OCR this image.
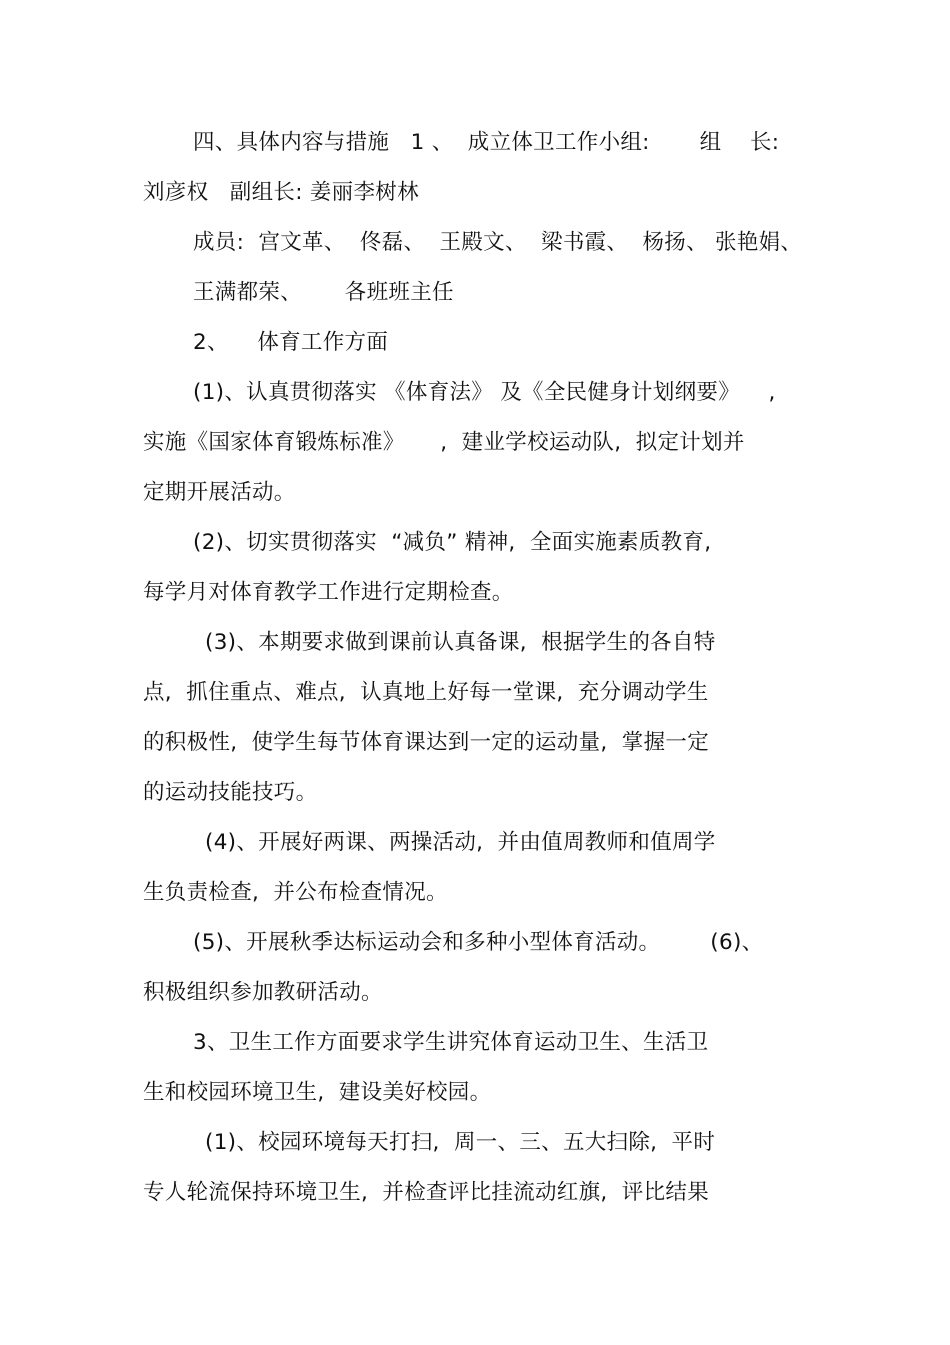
四、具体内容与措施   1 、  成立体卫工作小组:       组    长:
刘彦权   副组长: 姜丽李树林
成员:  宫文革、  佟磊、  王殿文、  梁书霞、  杨扬、 张艳娟、
王满都荣、      各班班主任
2、    体育工作方面
(1)、认真贯彻落实 《体育法》 及《全民健身计划纲要》    ,
实施《国家体育锻炼标准》     ,  建业学校运动队,  拟定计划并
定期开展活动。
(2)、切实贯彻落实  “减负” 精神,  全面实施素质教育,
每学月对体育教学工作进行定期检查。
(3)、本期要求做到课前认真备课,  根据学生的各自特
点,  抓住重点、难点,  认真地上好每一堂课,  充分调动学生
的积极性,  使学生每节体育课达到一定的运动量,  掌握一定
的运动技能技巧。
(4)、开展好两课、两操活动,  并由值周教师和值周学
生负责检查,  并公布检查情况。
(5)、开展秋季达标运动会和多种小型体育活动。       (6)、
积极组织参加教研活动。
3、卫生工作方面要求学生讲究体育运动卫生、生活卫
生和校园环境卫生,  建设美好校园。
(1)、校园环境每天打扫,  周一、三、五大扫除,  平时
专人轮流保持环境卫生,  并检查评比挂流动红旗,  评比结果
